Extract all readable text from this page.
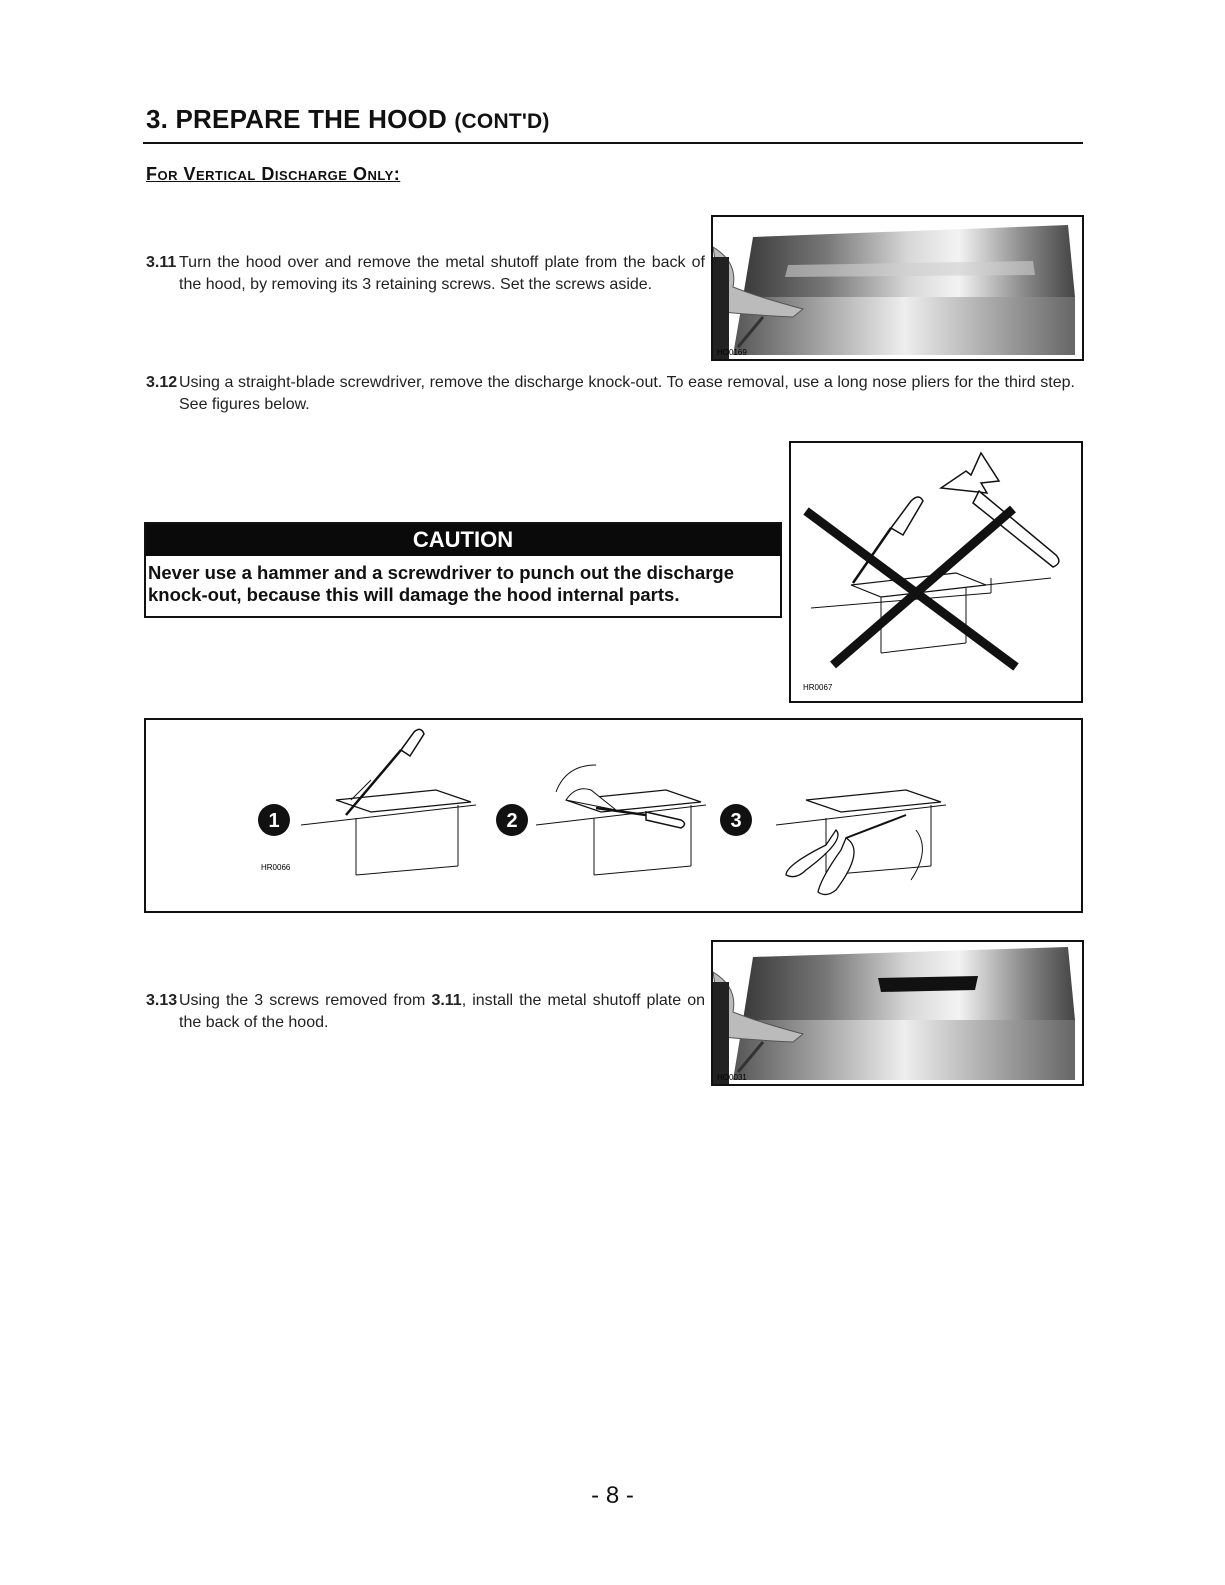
3. PREPARE THE HOOD (CONT'D)
For Vertical Discharge Only:
3.11 Turn the hood over and remove the metal shutoff plate from the back of the hood, by removing its 3 retaining screws. Set the screws aside.
HO0169
3.12 Using a straight-blade screwdriver, remove the discharge knock-out. To ease removal, use a long nose pliers for the third step. See figures below.
CAUTION
Never use a hammer and a screwdriver to punch out the discharge knock-out, because this will damage the hood internal parts.
HR0067
1
HR0066
2	3
3.13 Using the 3 screws removed from 3.11, install the metal shutoff plate on the back of the hood.
HO0031
- 8 -
